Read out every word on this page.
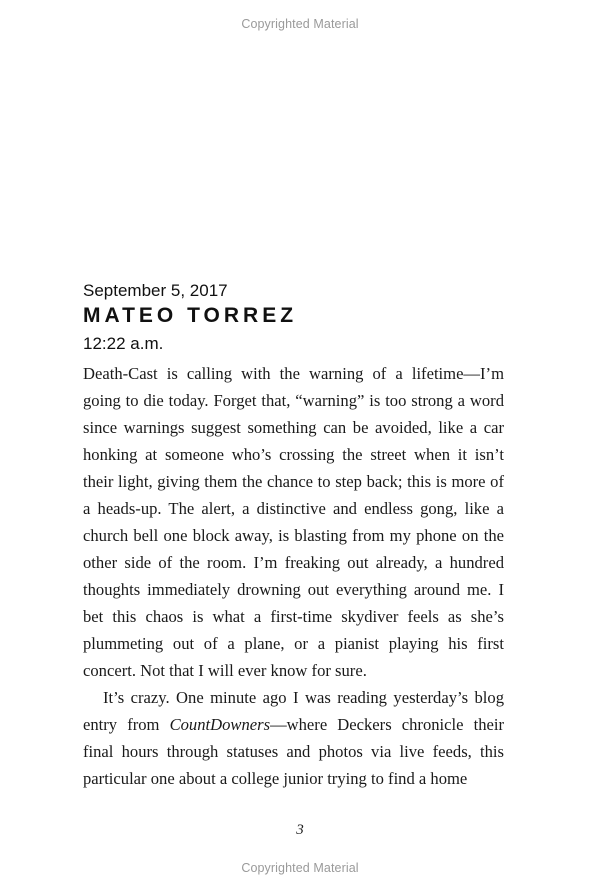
Copyrighted Material
September 5, 2017
MATEO TORREZ
12:22 a.m.

Death-Cast is calling with the warning of a lifetime—I’m going to die today. Forget that, “warning” is too strong a word since warnings suggest something can be avoided, like a car honking at someone who’s crossing the street when it isn’t their light, giving them the chance to step back; this is more of a heads-up. The alert, a distinctive and endless gong, like a church bell one block away, is blasting from my phone on the other side of the room. I’m freaking out already, a hundred thoughts immediately drowning out everything around me. I bet this chaos is what a first-time skydiver feels as she’s plummeting out of a plane, or a pianist playing his first concert. Not that I will ever know for sure.

It’s crazy. One minute ago I was reading yesterday’s blog entry from CountDowners—where Deckers chronicle their final hours through statuses and photos via live feeds, this particular one about a college junior trying to find a home

3
Copyrighted Material
